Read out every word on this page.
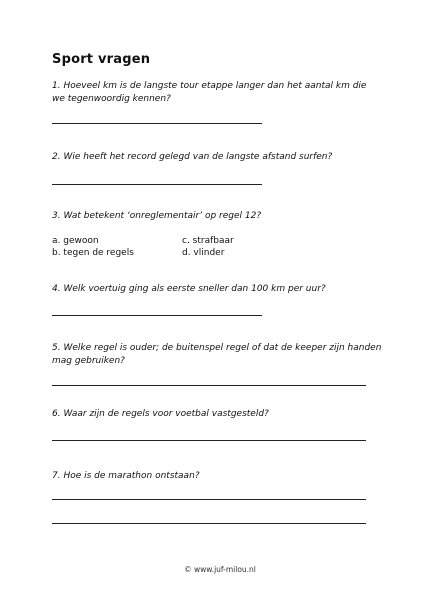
Sport vragen
1. Hoeveel km is de langste tour etappe langer dan het aantal km die we tegenwoordig kennen?
2. Wie heeft het record gelegd van de langste afstand surfen?
3. Wat betekent ‘onreglementair’ op regel 12?
a. gewoon	c. strafbaar
b. tegen de regels	d. vlinder
4. Welk voertuig ging als eerste sneller dan 100 km per uur?
5. Welke regel is ouder; de buitenspel regel of dat de keeper zijn handen mag gebruiken?
6. Waar zijn de regels voor voetbal vastgesteld?
7. Hoe is de marathon ontstaan?
© www.juf-milou.nl
